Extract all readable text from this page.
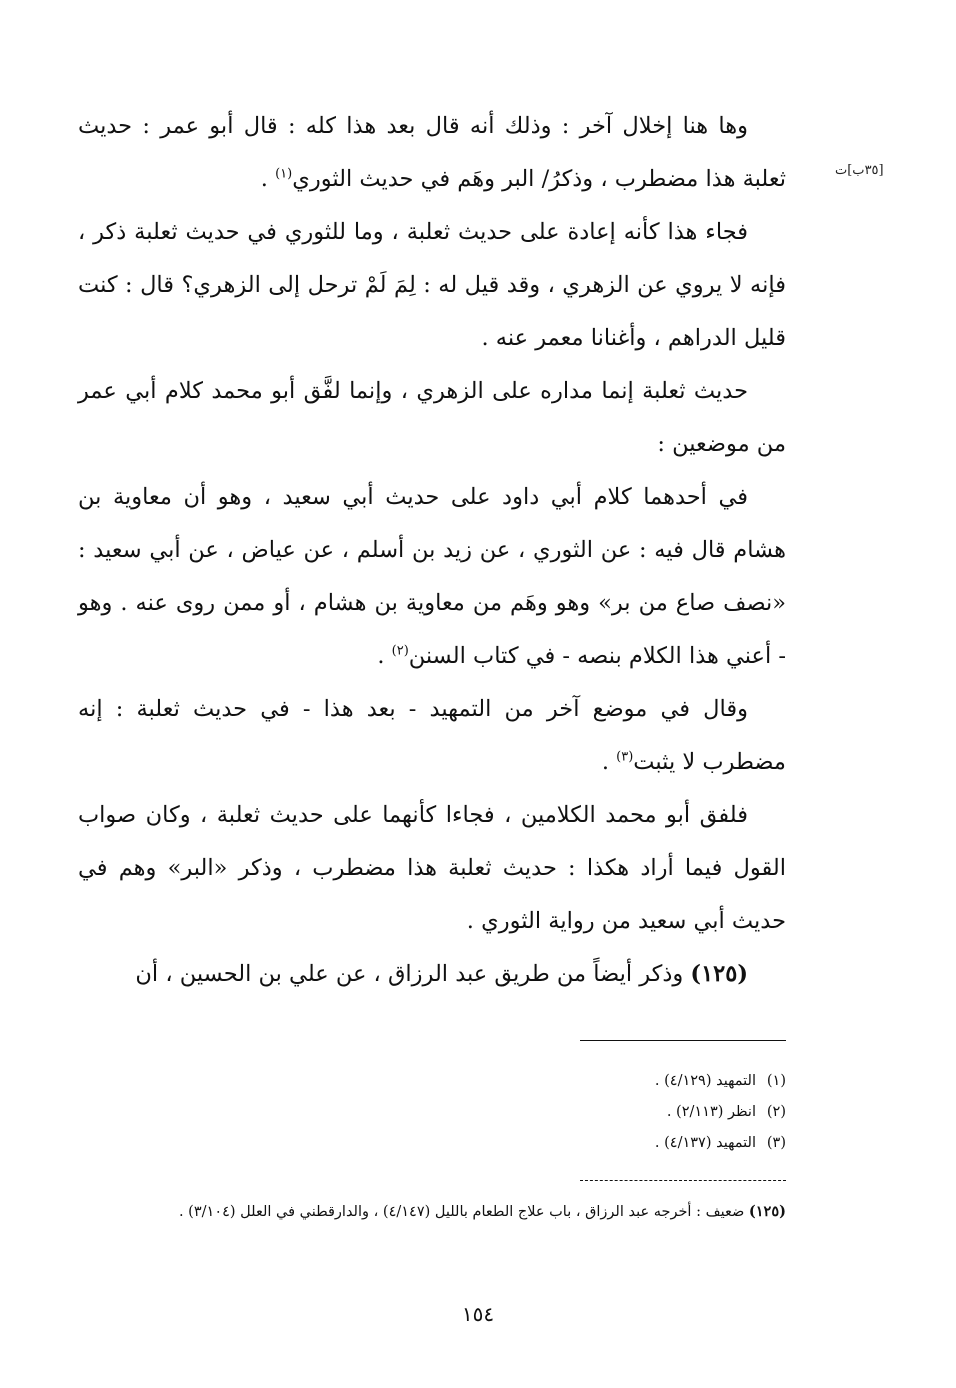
[٣٥ب]ت

وها هنا إخلال آخر : وذلك أنه قال بعد هذا كله : قال أبو عمر : حديث ثعلبة هذا مضطرب ، وذكرُ/ البر وهَم في حديث الثوري$^{(١)}$ .

فجاء هذا كأنه إعادة على حديث ثعلبة ، وما للثوري في حديث ثعلبة ذكر ، فإنه لا يروي عن الزهري ، وقد قيل له : لِمَ لَمْ ترحل إلى الزهري؟ قال : كنت قليل الدراهم ، وأغنانا معمر عنه .

حديث ثعلبة إنما مداره على الزهري ، وإنما لفَّق أبو محمد كلام أبي عمر من موضعين :

في أحدهما كلام أبي داود على حديث أبي سعيد ، وهو أن معاوية بن هشام قال فيه : عن الثوري ، عن زيد بن أسلم ، عن عياض ، عن أبي سعيد : «نصف صاع من بر» وهو وهَم من معاوية بن هشام ، أو ممن روى عنه . وهو - أعني هذا الكلام بنصه - في كتاب السنن$^{(٢)}$ .

وقال في موضع آخر من التمهيد - بعد هذا - في حديث ثعلبة : إنه مضطرب لا يثبت$^{(٣)}$ .

فلفق أبو محمد الكلامين ، فجاءا كأنهما على حديث ثعلبة ، وكان صواب القول فيما أراد هكذا : حديث ثعلبة هذا مضطرب ، وذكر «البر» وهم في حديث أبي سعيد من رواية الثوري .

(١٢٥) وذكر أيضاً من طريق عبد الرزاق ، عن علي بن الحسين ، أن

(١)التمهيد (٤/١٢٩) .

(٢)انظر (٢/١١٣) .

(٣)التمهيد (٤/١٣٧) .

(١٢٥) ضعيف : أخرجه عبد الرزاق ، باب علاج الطعام بالليل (٤/١٤٧) ، والدارقطني في العلل (٣/١٠٤) .

١٥٤
